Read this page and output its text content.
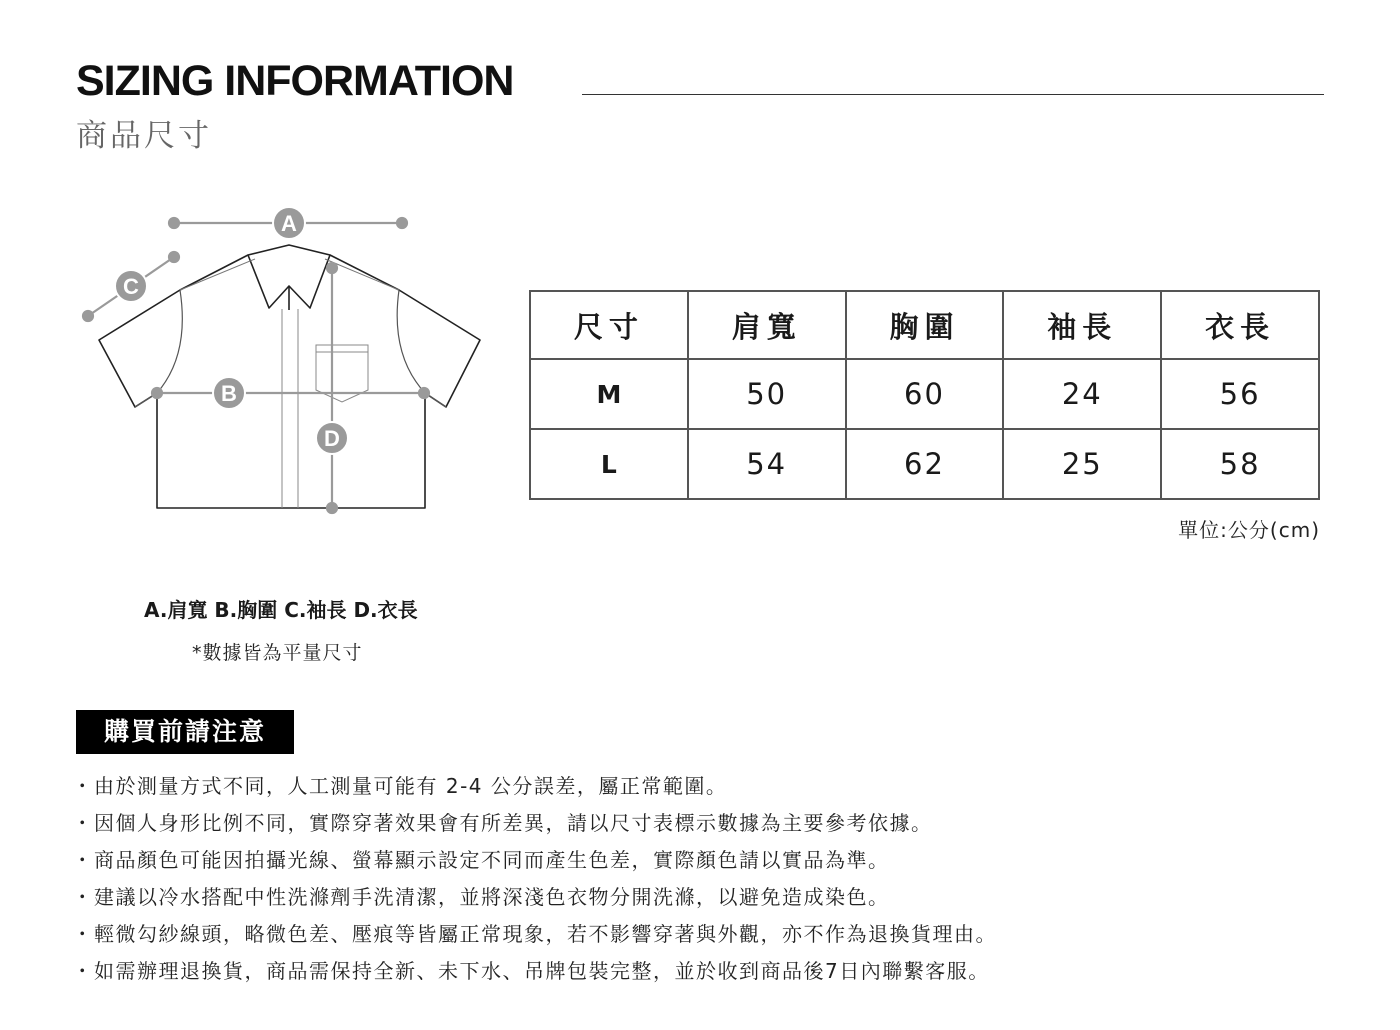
SIZING INFORMATION
商品尺寸
A
C
B
D
尺寸	肩寬	胸圍	袖長	衣長
M	50	60	24	56
L	54	62	25	58
單位:公分(cm)
A.肩寬 B.胸圍 C.袖長 D.衣長
*數據皆為平量尺寸
購買前請注意
・由於測量方式不同，人工測量可能有 2-4 公分誤差，屬正常範圍。
・因個人身形比例不同，實際穿著效果會有所差異，請以尺寸表標示數據為主要參考依據。
・商品顏色可能因拍攝光線、螢幕顯示設定不同而產生色差，實際顏色請以實品為準。
・建議以冷水搭配中性洗滌劑手洗清潔，並將深淺色衣物分開洗滌，以避免造成染色。
・輕微勾紗線頭，略微色差、壓痕等皆屬正常現象，若不影響穿著與外觀，亦不作為退換貨理由。
・如需辦理退換貨，商品需保持全新、未下水、吊牌包裝完整，並於收到商品後7日內聯繫客服。
